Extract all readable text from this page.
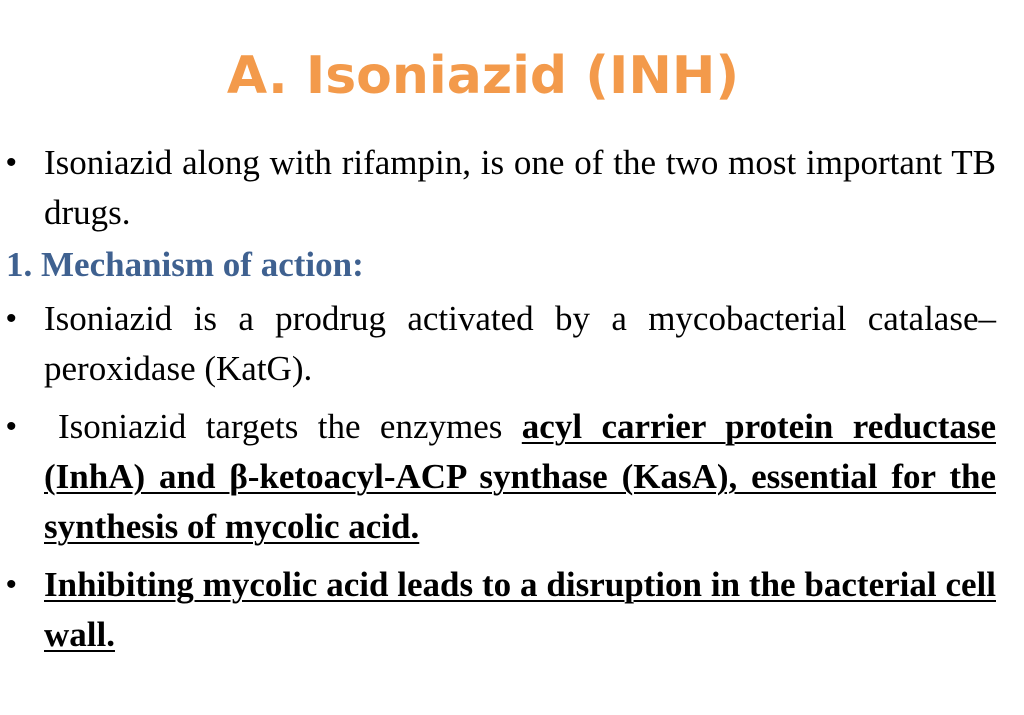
A. Isoniazid (INH)
• Isoniazid along with rifampin, is one of the two most important TB drugs.
1. Mechanism of action:
• Isoniazid is a prodrug activated by a mycobacterial catalase–peroxidase (KatG).
•	Isoniazid targets the enzymes acyl carrier protein reductase (InhA) and β-ketoacyl-ACP synthase (KasA), essential for the synthesis of mycolic acid.
• Inhibiting mycolic acid leads to a disruption in the bacterial cell wall.
